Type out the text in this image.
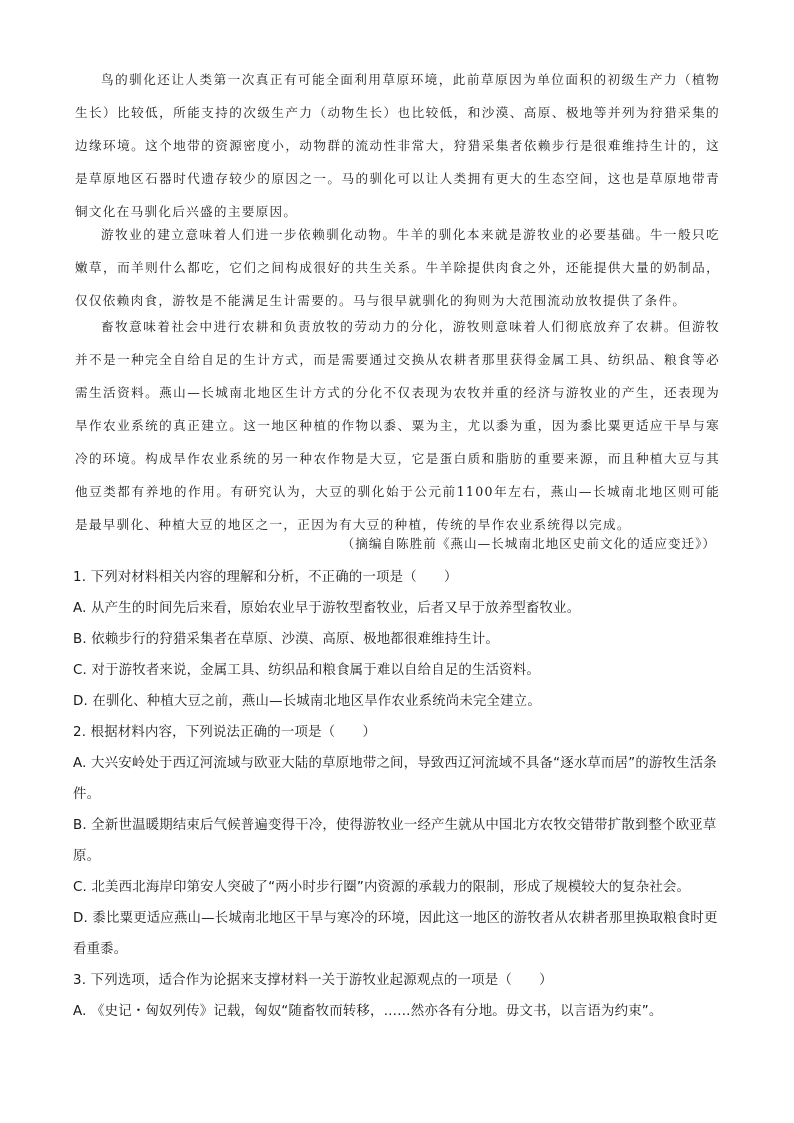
鸟的驯化还让人类第一次真正有可能全面利用草原环境，此前草原因为单位面积的初级生产力（植物生长）比较低，所能支持的次级生产力（动物生长）也比较低，和沙漠、高原、极地等并列为狩猎采集的边缘环境。这个地带的资源密度小，动物群的流动性非常大，狩猎采集者依赖步行是很难维持生计的，这是草原地区石器时代遗存较少的原因之一。马的驯化可以让人类拥有更大的生态空间，这也是草原地带青铜文化在马驯化后兴盛的主要原因。

游牧业的建立意味着人们进一步依赖驯化动物。牛羊的驯化本来就是游牧业的必要基础。牛一般只吃嫩草，而羊则什么都吃，它们之间构成很好的共生关系。牛羊除提供肉食之外，还能提供大量的奶制品，仅仅依赖肉食，游牧是不能满足生计需要的。马与很早就驯化的狗则为大范围流动放牧提供了条件。

畜牧意味着社会中进行农耕和负责放牧的劳动力的分化，游牧则意味着人们彻底放弃了农耕。但游牧并不是一种完全自给自足的生计方式，而是需要通过交换从农耕者那里获得金属工具、纺织品、粮食等必需生活资料。燕山—长城南北地区生计方式的分化不仅表现为农牧并重的经济与游牧业的产生，还表现为旱作农业系统的真正建立。这一地区种植的作物以黍、粟为主，尤以黍为重，因为黍比粟更适应干旱与寒冷的环境。构成旱作农业系统的另一种农作物是大豆，它是蛋白质和脂肪的重要来源，而且种植大豆与其他豆类都有养地的作用。有研究认为，大豆的驯化始于公元前1100年左右，燕山—长城南北地区则可能是最早驯化、种植大豆的地区之一，正因为有大豆的种植，传统的旱作农业系统得以完成。

（摘编自陈胜前《燕山—长城南北地区史前文化的适应变迁》）

1. 下列对材料相关内容的理解和分析，不正确的一项是（　　）

A. 从产生的时间先后来看，原始农业早于游牧型畜牧业，后者又早于放养型畜牧业。

B. 依赖步行的狩猎采集者在草原、沙漠、高原、极地都很难维持生计。

C. 对于游牧者来说，金属工具、纺织品和粮食属于难以自给自足的生活资料。

D. 在驯化、种植大豆之前，燕山—长城南北地区旱作农业系统尚未完全建立。

2. 根据材料内容，下列说法正确的一项是（　　）

A. 大兴安岭处于西辽河流域与欧亚大陆的草原地带之间，导致西辽河流域不具备“逐水草而居”的游牧生活条件。

B. 全新世温暖期结束后气候普遍变得干冷，使得游牧业一经产生就从中国北方农牧交错带扩散到整个欧亚草原。

C. 北美西北海岸印第安人突破了“两小时步行圈”内资源的承载力的限制，形成了规模较大的复杂社会。

D. 黍比粟更适应燕山—长城南北地区干旱与寒冷的环境，因此这一地区的游牧者从农耕者那里换取粮食时更看重黍。

3. 下列选项，适合作为论据来支撑材料一关于游牧业起源观点的一项是（　　）

A. 《史记・匈奴列传》记载，匈奴“随畜牧而转移，……然亦各有分地。毋文书，以言语为约束”。
